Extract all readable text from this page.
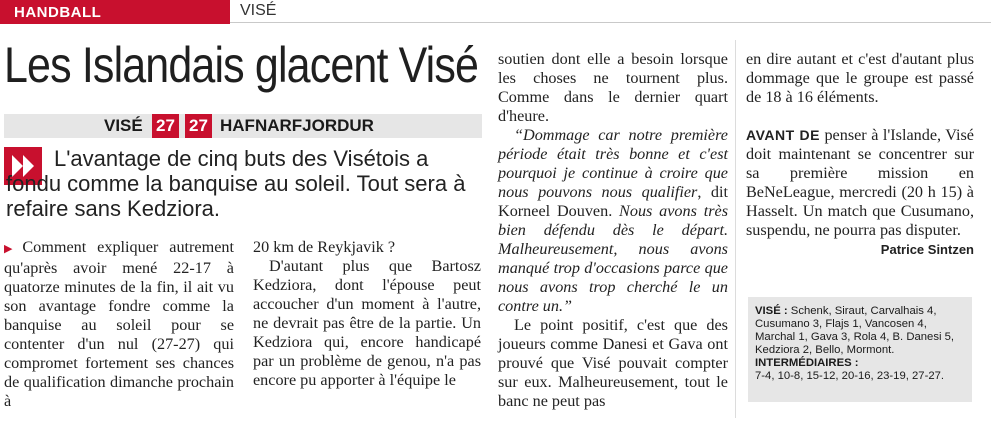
HANDBALL	VISÉ
Les Islandais glacent Visé
VISÉ 27 27 HAFNARFJORDUR
L'avantage de cinq buts des Visétois a fondu comme la banquise au soleil. Tout sera à refaire sans Kedziora.

▶ Comment expliquer autrement qu'après avoir mené 22-17 à quatorze minutes de la fin, il ait vu son avantage fondre comme la banquise au soleil pour se contenter d'un nul (27-27) qui compromet fortement ses chances de qualification dimanche prochain à

20 km de Reykjavik ?

D'autant plus que Bartosz Kedziora, dont l'épouse peut accoucher d'un moment à l'autre, ne devrait pas être de la partie. Un Kedziora qui, encore handicapé par un problème de genou, n'a pas encore pu apporter à l'équipe le

soutien dont elle a besoin lorsque les choses ne tournent plus. Comme dans le dernier quart d'heure.

“Dommage car notre première période était très bonne et c'est pourquoi je continue à croire que nous pouvons nous qualifier, dit Korneel Douven. Nous avons très bien défendu dès le départ. Malheureusement, nous avons manqué trop d'occasions parce que nous avons trop cherché le un contre un.”

Le point positif, c'est que des joueurs comme Danesi et Gava ont prouvé que Visé pouvait compter sur eux. Malheureusement, tout le banc ne peut pas

en dire autant et c'est d'autant plus dommage que le groupe est passé de 18 à 16 éléments.

AVANT DE penser à l'Islande, Visé doit maintenant se concentrer sur sa première mission en BeNeLeague, mercredi (20 h 15) à Hasselt. Un match que Cusumano, suspendu, ne pourra pas disputer.

Patrice Sintzen

VISÉ : Schenk, Siraut, Carvalhais 4, Cusumano 3, Flajs 1, Vancosen 4, Marchal 1, Gava 3, Rola 4, B. Danesi 5, Kedziora 2, Bello, Mormont.

INTERMÉDIAIRES :

7-4, 10-8, 15-12, 20-16, 23-19, 27-27.
